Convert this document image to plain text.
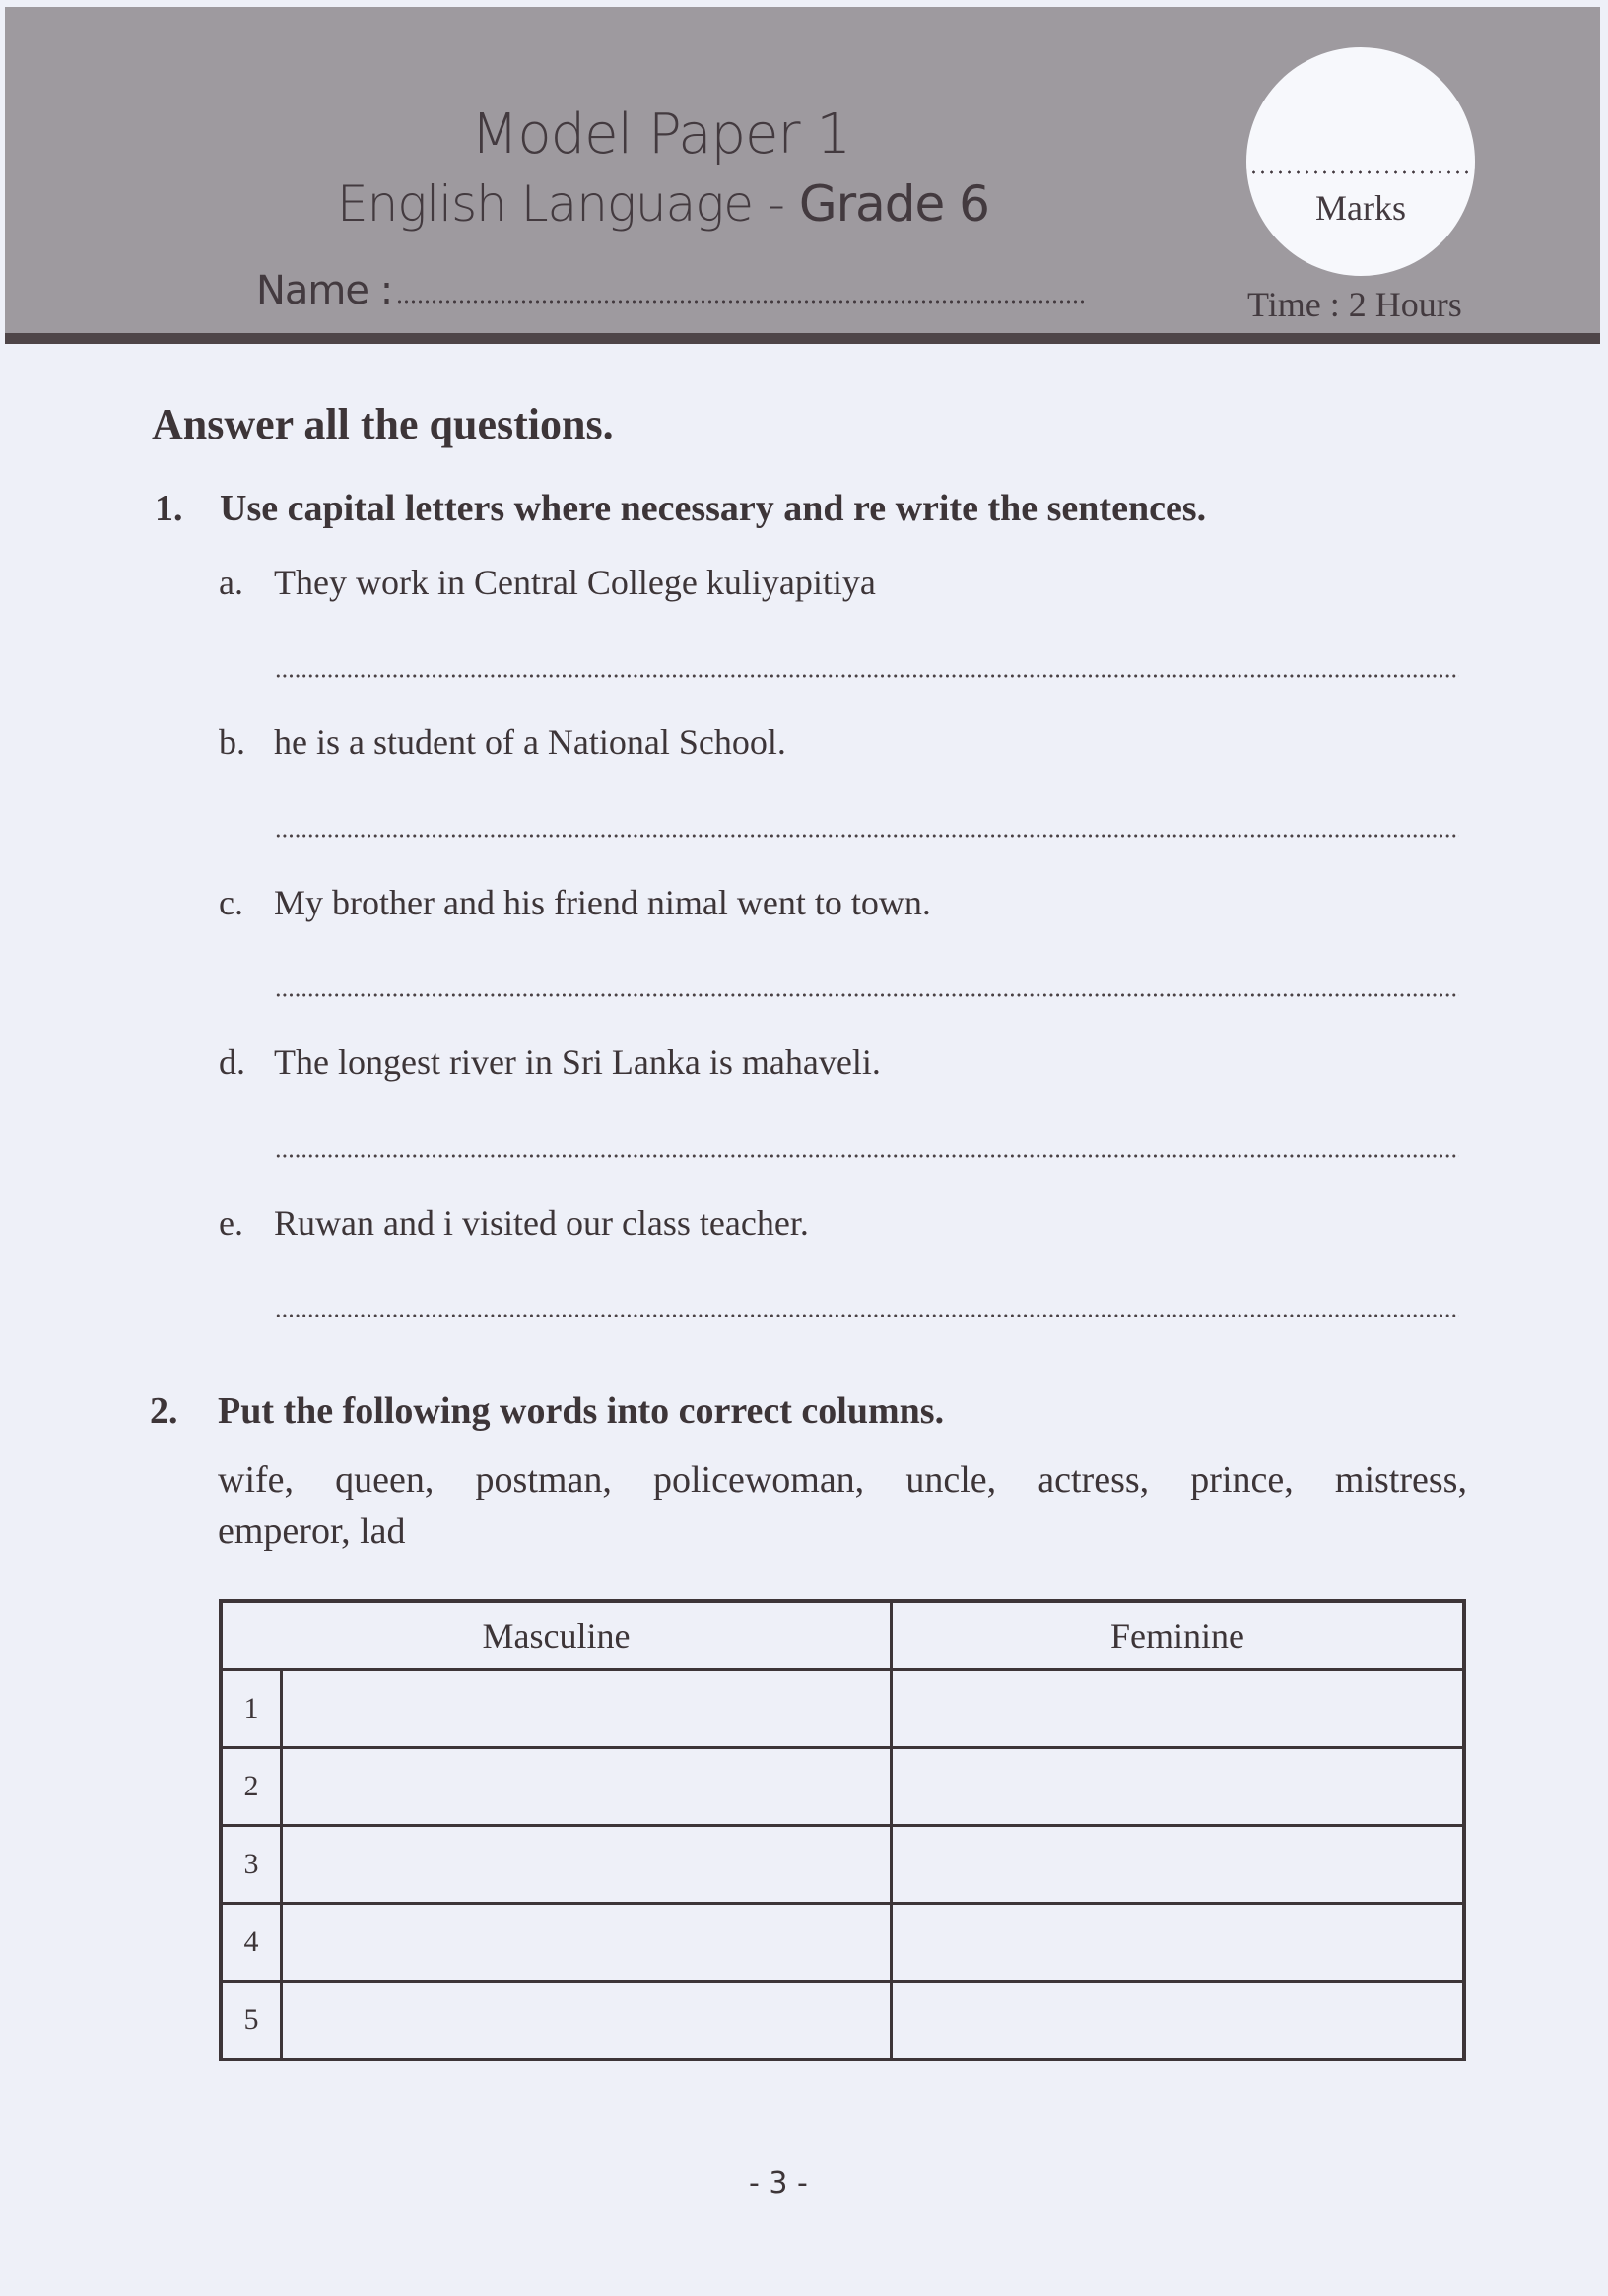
Model Paper 1
English Language - Grade 6
Name :
Marks
Time : 2 Hours
Answer all the questions.
1. Use capital letters where necessary and re write the sentences.
a. They work in Central College kuliyapitiya
b. he is a student of a National School.
c. My brother and his friend nimal went to town.
d. The longest river in Sri Lanka is mahaveli.
e. Ruwan and i visited our class teacher.
2. Put the following words into correct columns.
wife, queen, postman, policewoman, uncle, actress, prince, mistress,
emperor, lad
Masculine		Feminine
1		
2		
3		
4		
5		
- 3 -
